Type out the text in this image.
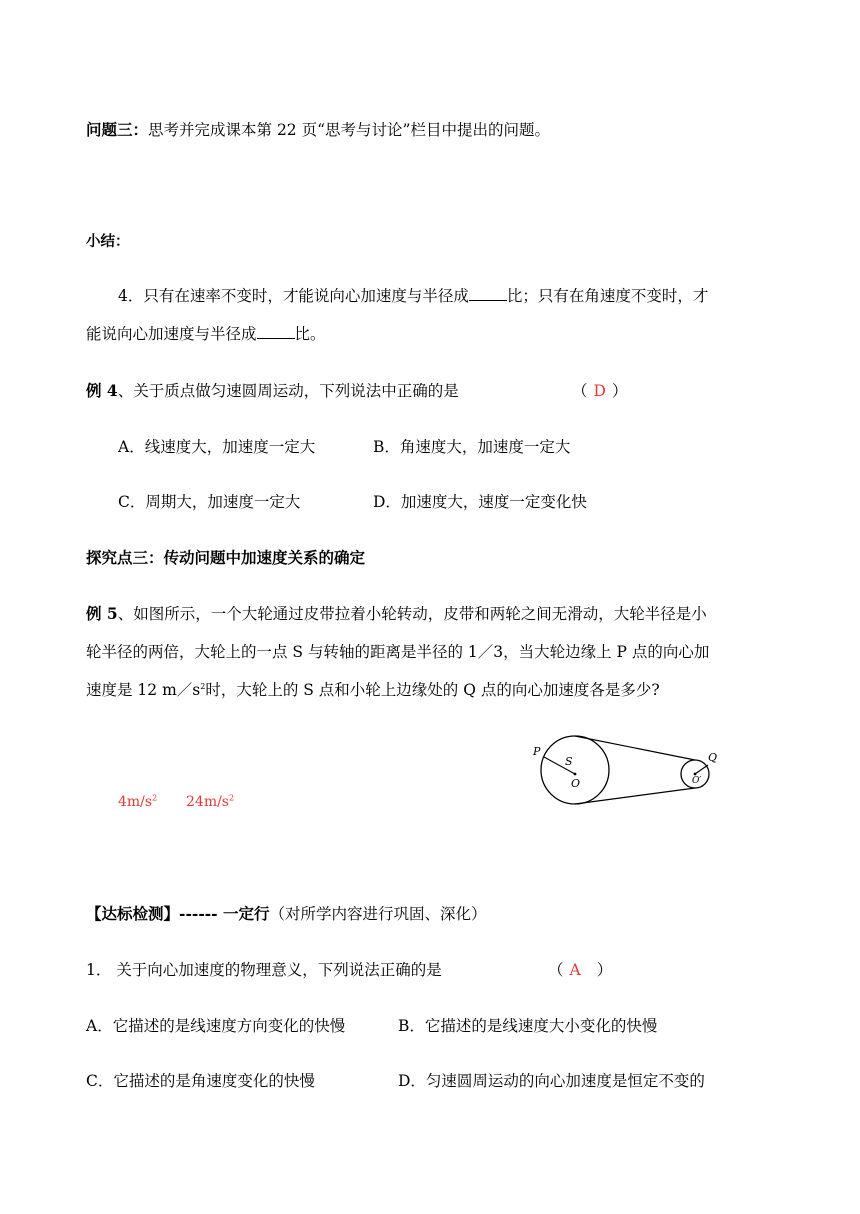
问题三：思考并完成课本第 22 页“思考与讨论”栏目中提出的问题。
小结：
4．只有在速率不变时，才能说向心加速度与半径成 比；只有在角速度不变时，才
能说向心加速度与半径成 比。
例 4、关于质点做匀速圆周运动，下列说法中正确的是	（ D ）
A．线速度大，加速度一定大	B．角速度大，加速度一定大
C．周期大，加速度一定大	D．加速度大，速度一定变化快
探究点三：传动问题中加速度关系的确定
例 5、如图所示，一个大轮通过皮带拉着小轮转动，皮带和两轮之间无滑动，大轮半径是小
轮半径的两倍，大轮上的一点 S 与转轴的距离是半径的 1／3，当大轮边缘上 P 点的向心加
速度是 12 $m/s^2$时，大轮上的 S 点和小轮上边缘处的 Q 点的向心加速度各是多少?
$4m/s^2$ $24m/s^2$
P
S
O
Q
O′
【达标检测】------ 一定行（对所学内容进行巩固、深化）
1． 关于向心加速度的物理意义，下列说法正确的是	（ A ）
A．它描述的是线速度方向变化的快慢	B．它描述的是线速度大小变化的快慢
C．它描述的是角速度变化的快慢	D．匀速圆周运动的向心加速度是恒定不变的
